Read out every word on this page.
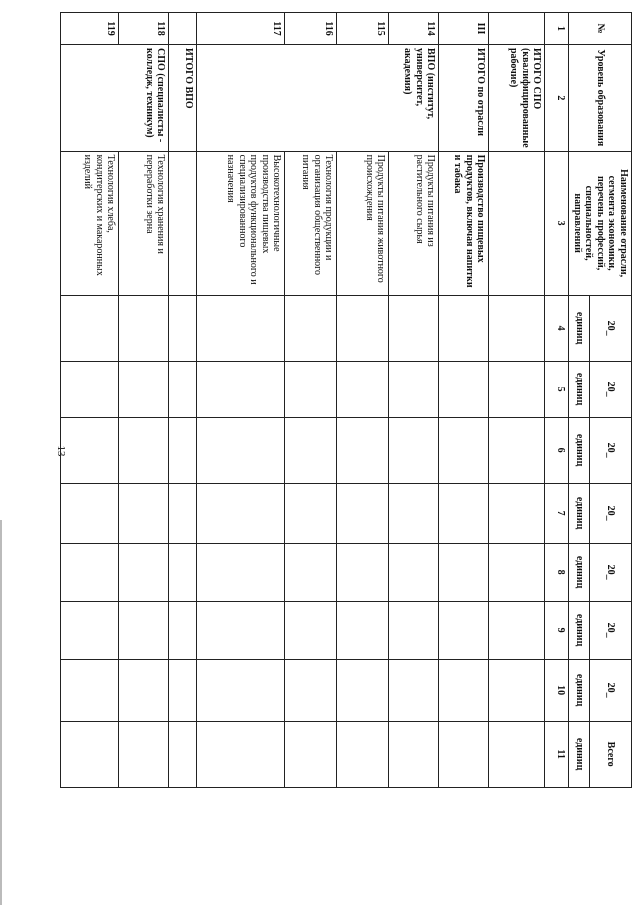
13
№	Уровень образования	Наименование отрасли, сегмента экономики, перечень профессий, специальностей, направлений	20_	20_	20_	20_	20_	20_	20_	Всего
			единиц	единиц	единиц	единиц	единиц	единиц	единиц	единиц
1	2	3	4	5	6	7	8	9	10	11
	ИТОГО СПО (квалифицированные рабочие)									
III	ИТОГО по отрасли	Производство пищевых продуктов, включая напитки и табака								
114	ВПО (институт, университет, академия)	Продукты питания из растительного сырья								
115		Продукты питания животного происхождения								
116		Технология продукции и организация общественного питания								
117		Высокотехнологичные производства пищевых продуктов функционального и специализированного назначения								
	ИТОГО ВПО									
118	СПО (специалисты - колледж, техникум)	Технология хранения и переработки зерна								
119		Технология хлеба, кондитерских и макаронных изделий								
